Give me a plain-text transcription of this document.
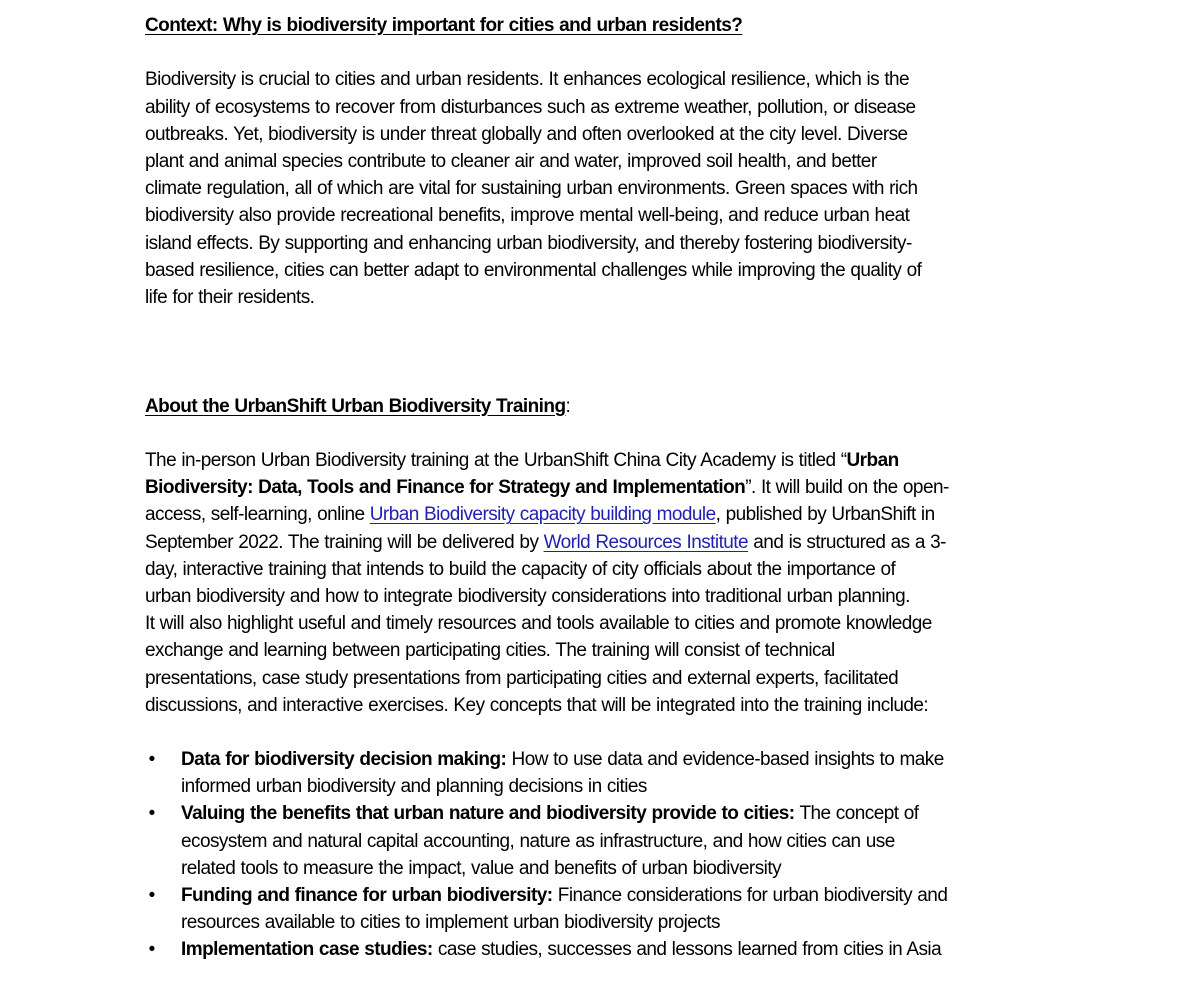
Context: Why is biodiversity important for cities and urban residents?
Biodiversity is crucial to cities and urban residents. It enhances ecological resilience, which is the
ability of ecosystems to recover from disturbances such as extreme weather, pollution, or disease
outbreaks. Yet, biodiversity is under threat globally and often overlooked at the city level. Diverse
plant and animal species contribute to cleaner air and water, improved soil health, and better
climate regulation, all of which are vital for sustaining urban environments. Green spaces with rich
biodiversity also provide recreational benefits, improve mental well-being, and reduce urban heat
island effects. By supporting and enhancing urban biodiversity, and thereby fostering biodiversity-
based resilience, cities can better adapt to environmental challenges while improving the quality of
life for their residents.
About the UrbanShift Urban Biodiversity Training:
The in-person Urban Biodiversity training at the UrbanShift China City Academy is titled “Urban
Biodiversity: Data, Tools and Finance for Strategy and Implementation”. It will build on the open-
access, self-learning, online Urban Biodiversity capacity building module, published by UrbanShift in
September 2022. The training will be delivered by World Resources Institute and is structured as a 3-
day, interactive training that intends to build the capacity of city officials about the importance of
urban biodiversity and how to integrate biodiversity considerations into traditional urban planning.
It will also highlight useful and timely resources and tools available to cities and promote knowledge
exchange and learning between participating cities. The training will consist of technical
presentations, case study presentations from participating cities and external experts, facilitated
discussions, and interactive exercises. Key concepts that will be integrated into the training include:
• Data for biodiversity decision making: How to use data and evidence-based insights to make
informed urban biodiversity and planning decisions in cities
• Valuing the benefits that urban nature and biodiversity provide to cities: The concept of
ecosystem and natural capital accounting, nature as infrastructure, and how cities can use
related tools to measure the impact, value and benefits of urban biodiversity
• Funding and finance for urban biodiversity: Finance considerations for urban biodiversity and
resources available to cities to implement urban biodiversity projects
• Implementation case studies: case studies, successes and lessons learned from cities in Asia
